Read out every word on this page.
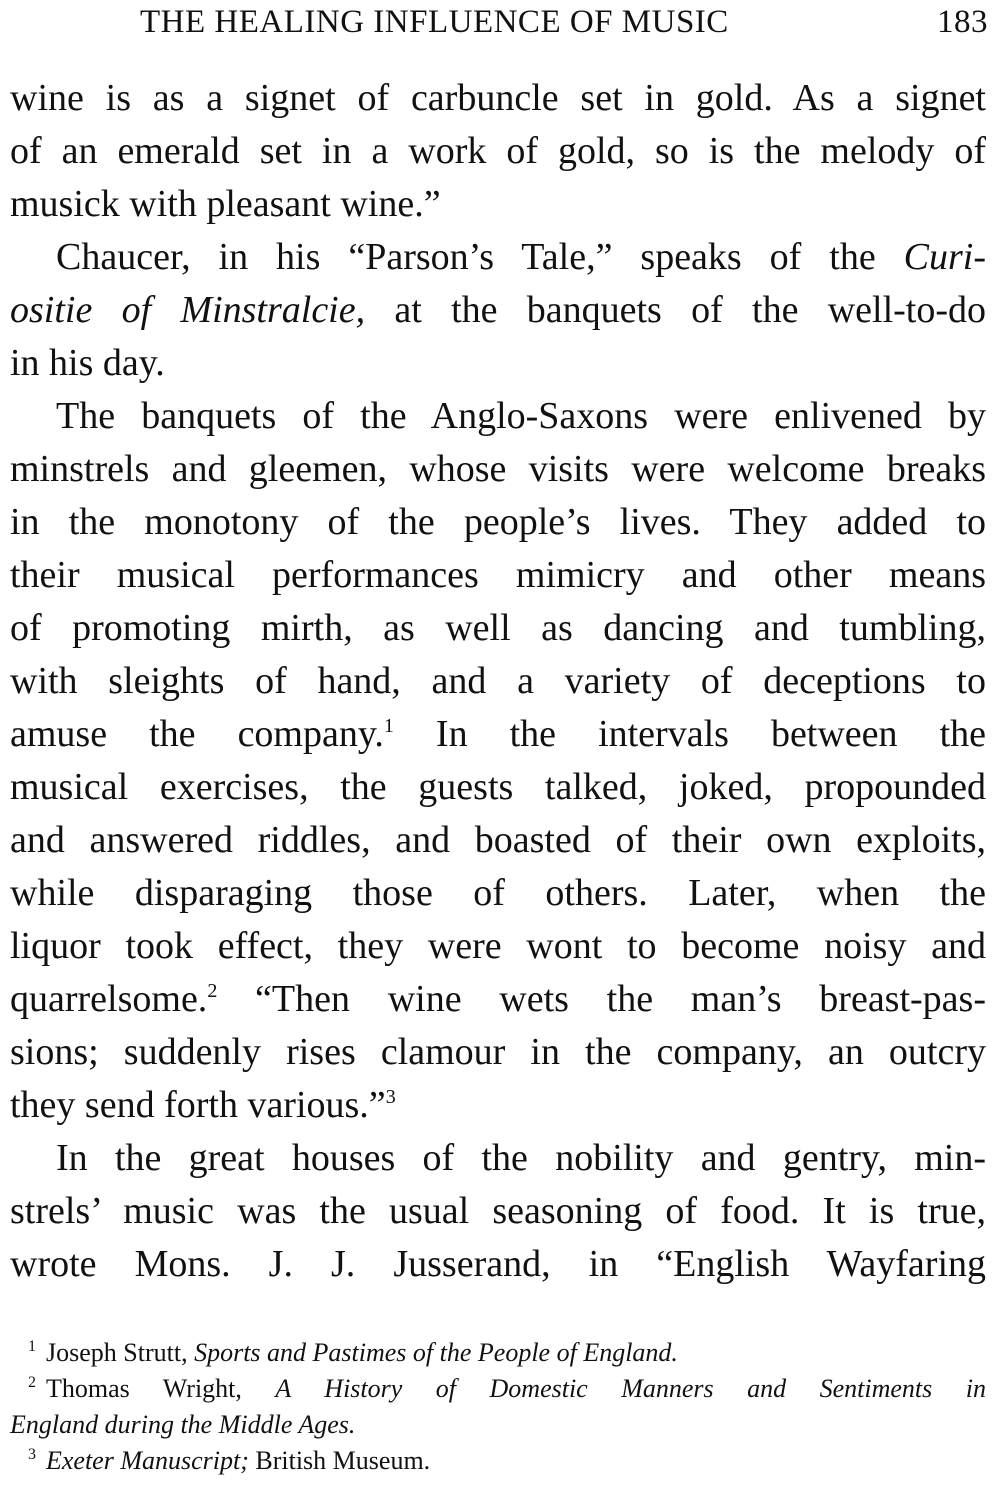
THE HEALING INFLUENCE OF MUSIC	183
wine is as a signet of carbuncle set in gold. As a signet
of an emerald set in a work of gold, so is the melody of
musick with pleasant wine.”
Chaucer, in his “Parson’s Tale,” speaks of the Curi-
ositie of Minstralcie, at the banquets of the well-to-do
in his day.
The banquets of the Anglo-Saxons were enlivened by
minstrels and gleemen, whose visits were welcome breaks
in the monotony of the people’s lives. They added to
their musical performances mimicry and other means
of promoting mirth, as well as dancing and tumbling,
with sleights of hand, and a variety of deceptions to
amuse the company.$^1$ In the intervals between the
musical exercises, the guests talked, joked, propounded
and answered riddles, and boasted of their own exploits,
while disparaging those of others. Later, when the
liquor took effect, they were wont to become noisy and
quarrelsome.$^2$ “Then wine wets the man’s breast-pas-
sions; suddenly rises clamour in the company, an outcry
they send forth various.”$^3$
In the great houses of the nobility and gentry, min-
strels’ music was the usual seasoning of food. It is true,
wrote Mons. J. J. Jusserand, in “English Wayfaring
$^1$ Joseph Strutt, Sports and Pastimes of the People of England.
$^2$ Thomas Wright, A History of Domestic Manners and Sentiments in
England during the Middle Ages.
$^3$ Exeter Manuscript; British Museum.
